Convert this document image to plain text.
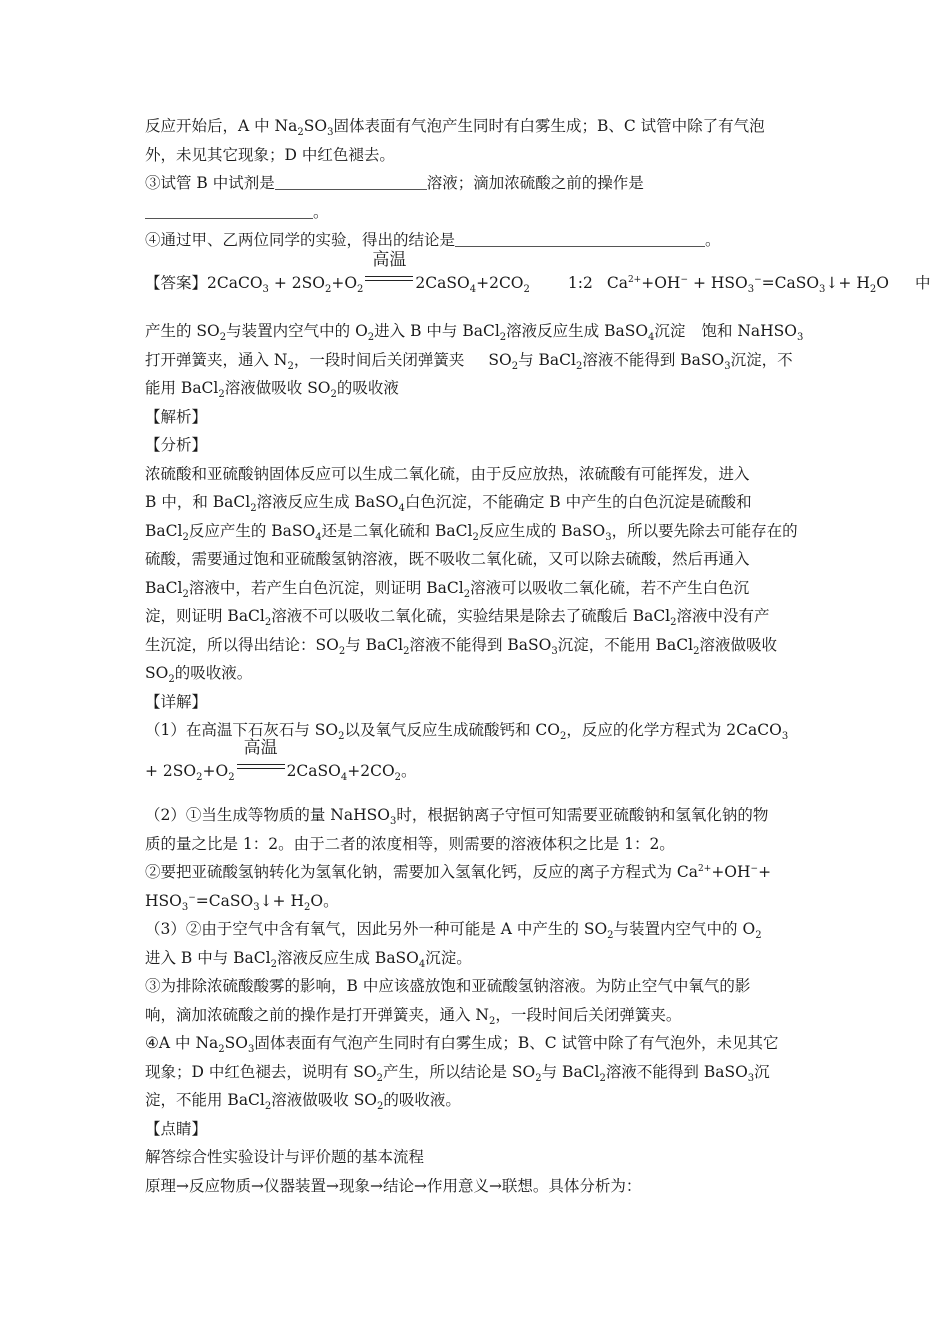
反应开始后，A 中 $Na_2SO_3$固体表面有气泡产生同时有白雾生成；B、C 试管中除了有气泡
外，未见其它现象；D 中红色褪去。
③试管 B 中试剂是	溶液；滴加浓硫酸之前的操作是
。
④通过甲、乙两位同学的实验，得出的结论是	。
【答案】2CaCO$_3$ + $2SO_2+O_2$
高温
$2CaSO_4+2CO_2$ 1:2 $Ca^{2+}+OH^-$ + $HSO_3^-=CaSO_3↓+ H_2O$ 中
产生的 $SO_2$与装置内空气中的 $O_2$进入 B 中与 BaCl$_2$溶液反应生成 BaSO$_4$沉淀 饱和 NaHSO$_3$
打开弹簧夹，通入 $N_2$，一段时间后关闭弹簧夹 $SO_2$与 BaCl$_2$溶液不能得到 BaSO$_3$沉淀，不
能用 BaCl$_2$溶液做吸收 $SO_2$的吸收液
【解析】
【分析】
浓硫酸和亚硫酸钠固体反应可以生成二氧化硫，由于反应放热，浓硫酸有可能挥发，进入
B 中，和 BaCl$_2$溶液反应生成 BaSO$_4$白色沉淀，不能确定 B 中产生的白色沉淀是硫酸和
BaCl$_2$反应产生的 BaSO$_4$还是二氧化硫和 BaCl$_2$反应生成的 BaSO$_3$，所以要先除去可能存在的
硫酸，需要通过饱和亚硫酸氢钠溶液，既不吸收二氧化硫，又可以除去硫酸，然后再通入
BaCl$_2$溶液中，若产生白色沉淀，则证明 BaCl$_2$溶液可以吸收二氧化硫，若不产生白色沉
淀，则证明 BaCl$_2$溶液不可以吸收二氧化硫，实验结果是除去了硫酸后 BaCl$_2$溶液中没有产
生沉淀，所以得出结论：$SO_2$与 BaCl$_2$溶液不能得到 BaSO$_3$沉淀，不能用 BaCl$_2$溶液做吸收
$SO_2$的吸收液。
【详解】
（1）在高温下石灰石与 $SO_2$以及氧气反应生成硫酸钙和 $CO_2$，反应的化学方程式为 2CaCO$_3$
+ $2SO_2+O_2$
高温
$2CaSO_4+2CO_2$。
（2）①当生成等物质的量 NaHSO$_3$时，根据钠离子守恒可知需要亚硫酸钠和氢氧化钠的物
质的量之比是 1：2。由于二者的浓度相等，则需要的溶液体积之比是 1：2。
②要把亚硫酸氢钠转化为氢氧化钠，需要加入氢氧化钙，反应的离子方程式为 $Ca^{2+}+OH^-+$
$HSO_3^-=CaSO_3↓+ H_2O$。
（3）②由于空气中含有氧气，因此另外一种可能是 A 中产生的 $SO_2$与装置内空气中的 $O_2$
进入 B 中与 BaCl$_2$溶液反应生成 BaSO$_4$沉淀。
③为排除浓硫酸酸雾的影响，B 中应该盛放饱和亚硫酸氢钠溶液。为防止空气中氧气的影
响，滴加浓硫酸之前的操作是打开弹簧夹，通入 $N_2$，一段时间后关闭弹簧夹。
④A 中 $Na_2SO_3$固体表面有气泡产生同时有白雾生成；B、C 试管中除了有气泡外，未见其它
现象；D 中红色褪去，说明有 $SO_2$产生，所以结论是 $SO_2$与 BaCl$_2$溶液不能得到 BaSO$_3$沉
淀，不能用 BaCl$_2$溶液做吸收 $SO_2$的吸收液。
【点睛】
解答综合性实验设计与评价题的基本流程
原理→反应物质→仪器装置→现象→结论→作用意义→联想。具体分析为：
